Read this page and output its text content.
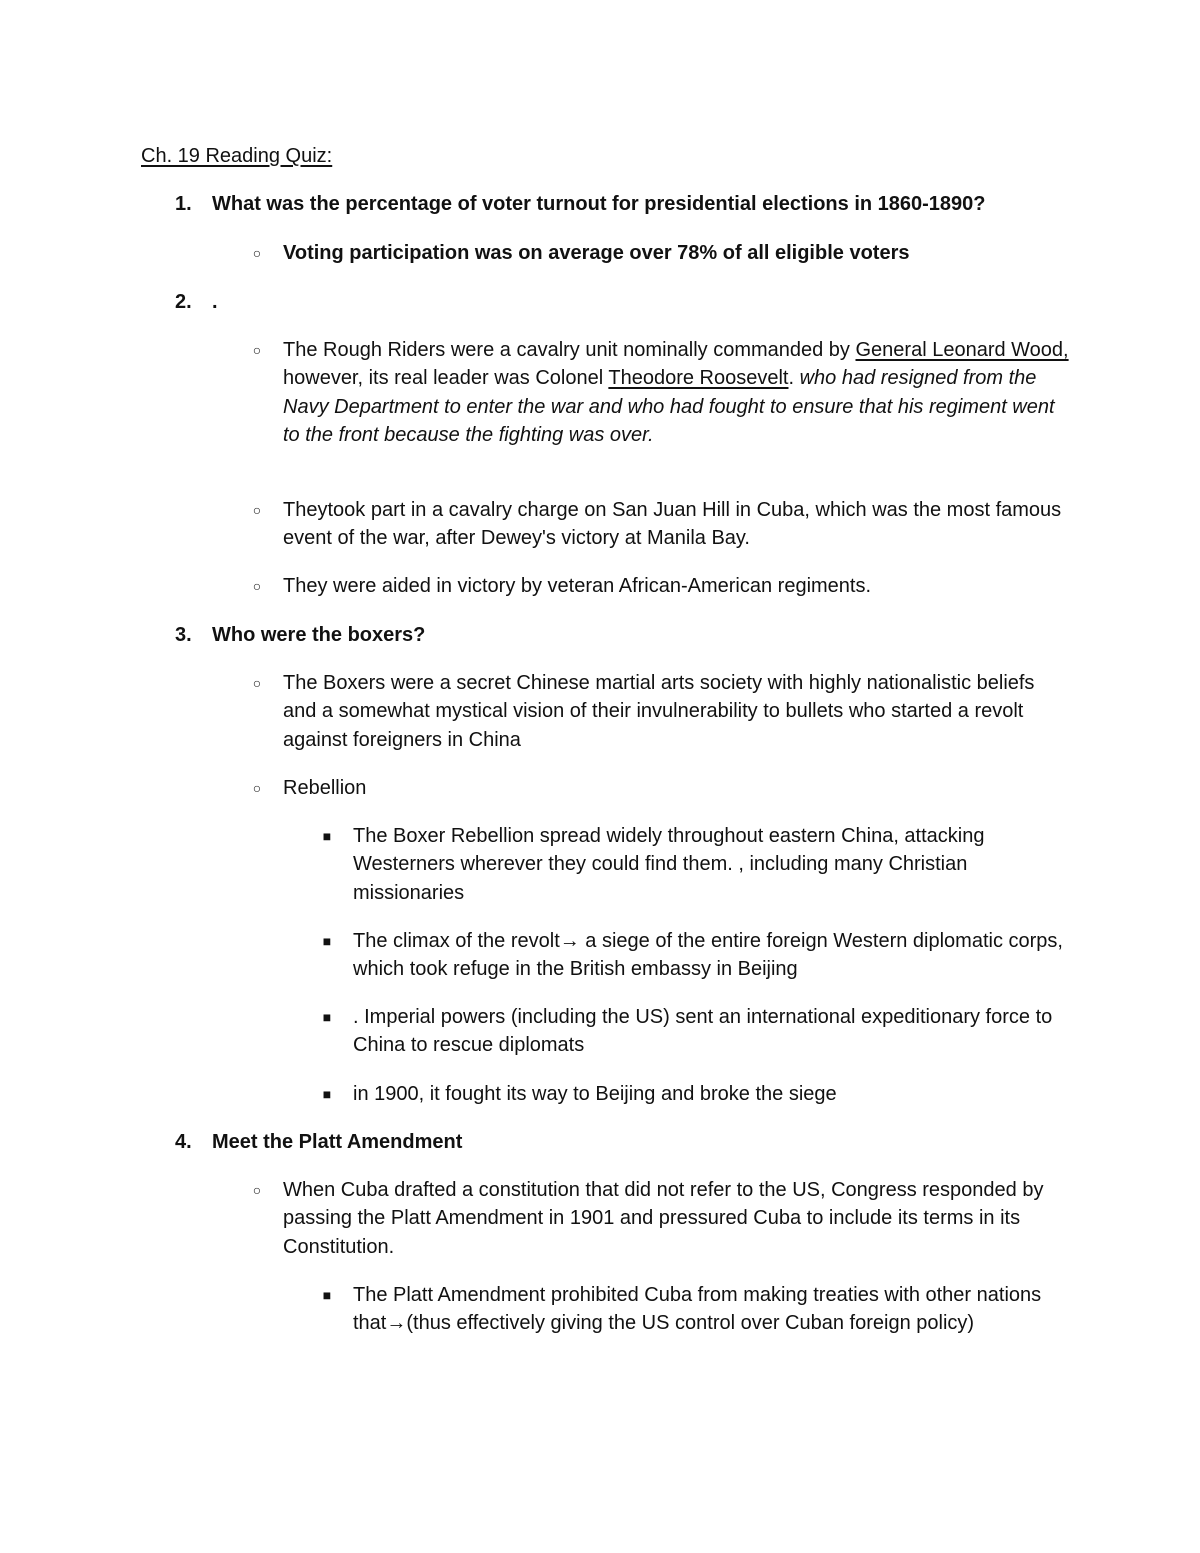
Ch. 19 Reading Quiz:
1. What was the percentage of voter turnout for presidential elections in 1860-1890?
○ Voting participation was on average over 78% of all eligible voters
2. .
○ The Rough Riders were a cavalry unit nominally commanded by General Leonard Wood, however, its real leader was Colonel Theodore Roosevelt. who had resigned from the Navy Department to enter the war and who had fought to ensure that his regiment went to the front because the fighting was over.
○ Theytook part in a cavalry charge on San Juan Hill in Cuba, which was the most famous event of the war, after Dewey's victory at Manila Bay.
○ They were aided in victory by veteran African-American regiments.
3. Who were the boxers?
○ The Boxers were a secret Chinese martial arts society with highly nationalistic beliefs and a somewhat mystical vision of their invulnerability to bullets who started a revolt against foreigners in China
○ Rebellion
■ The Boxer Rebellion spread widely throughout eastern China, attacking Westerners wherever they could find them. , including many Christian missionaries
■ The climax of the revolt→ a siege of the entire foreign Western diplomatic corps, which took refuge in the British embassy in Beijing
■ . Imperial powers (including the US) sent an international expeditionary force to China to rescue diplomats
■ in 1900, it fought its way to Beijing and broke the siege
4. Meet the Platt Amendment
○ When Cuba drafted a constitution that did not refer to the US, Congress responded by passing the Platt Amendment in 1901 and pressured Cuba to include its terms in its Constitution.
■ The Platt Amendment prohibited Cuba from making treaties with other nations that→(thus effectively giving the US control over Cuban foreign policy)
